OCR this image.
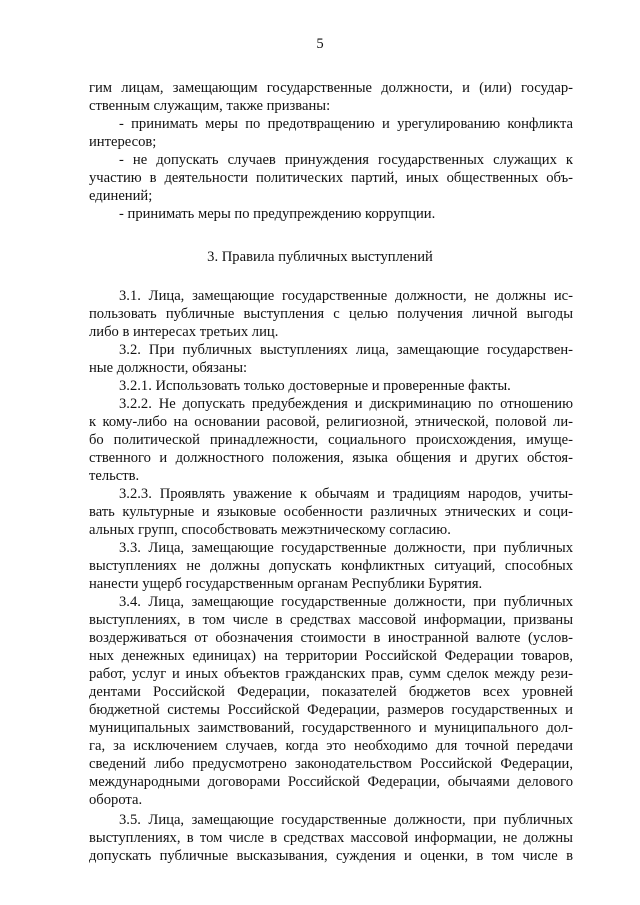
5
гим лицам, замещающим государственные должности, и (или) государ-
ственным служащим, также призваны:
- принимать меры по предотвращению и урегулированию конфликта
интересов;
- не допускать случаев принуждения государственных служащих к
участию в деятельности политических партий, иных общественных объ-
единений;
- принимать меры по предупреждению коррупции.
3. Правила публичных выступлений
3.1. Лица, замещающие государственные должности, не должны ис-
пользовать публичные выступления с целью получения личной выгоды
либо в интересах третьих лиц.
3.2. При публичных выступлениях лица, замещающие государствен-
ные должности, обязаны:
3.2.1. Использовать только достоверные и проверенные факты.
3.2.2. Не допускать предубеждения и дискриминацию по отношению
к кому-либо на основании расовой, религиозной, этнической, половой ли-
бо политической принадлежности, социального происхождения, имуще-
ственного и должностного положения, языка общения и других обстоя-
тельств.
3.2.3. Проявлять уважение к обычаям и традициям народов, учиты-
вать культурные и языковые особенности различных этнических и соци-
альных групп, способствовать межэтническому согласию.
3.3. Лица, замещающие государственные должности, при публичных
выступлениях не должны допускать конфликтных ситуаций, способных
нанести ущерб государственным органам Республики Бурятия.
3.4. Лица, замещающие государственные должности, при публичных
выступлениях, в том числе в средствах массовой информации, призваны
воздерживаться от обозначения стоимости в иностранной валюте (услов-
ных денежных единицах) на территории Российской Федерации товаров,
работ, услуг и иных объектов гражданских прав, сумм сделок между рези-
дентами Российской Федерации, показателей бюджетов всех уровней
бюджетной системы Российской Федерации, размеров государственных и
муниципальных заимствований, государственного и муниципального дол-
га, за исключением случаев, когда это необходимо для точной передачи
сведений либо предусмотрено законодательством Российской Федерации,
международными договорами Российской Федерации, обычаями делового
оборота.
3.5. Лица, замещающие государственные должности, при публичных
выступлениях, в том числе в средствах массовой информации, не должны
допускать публичные высказывания, суждения и оценки, в том числе в
